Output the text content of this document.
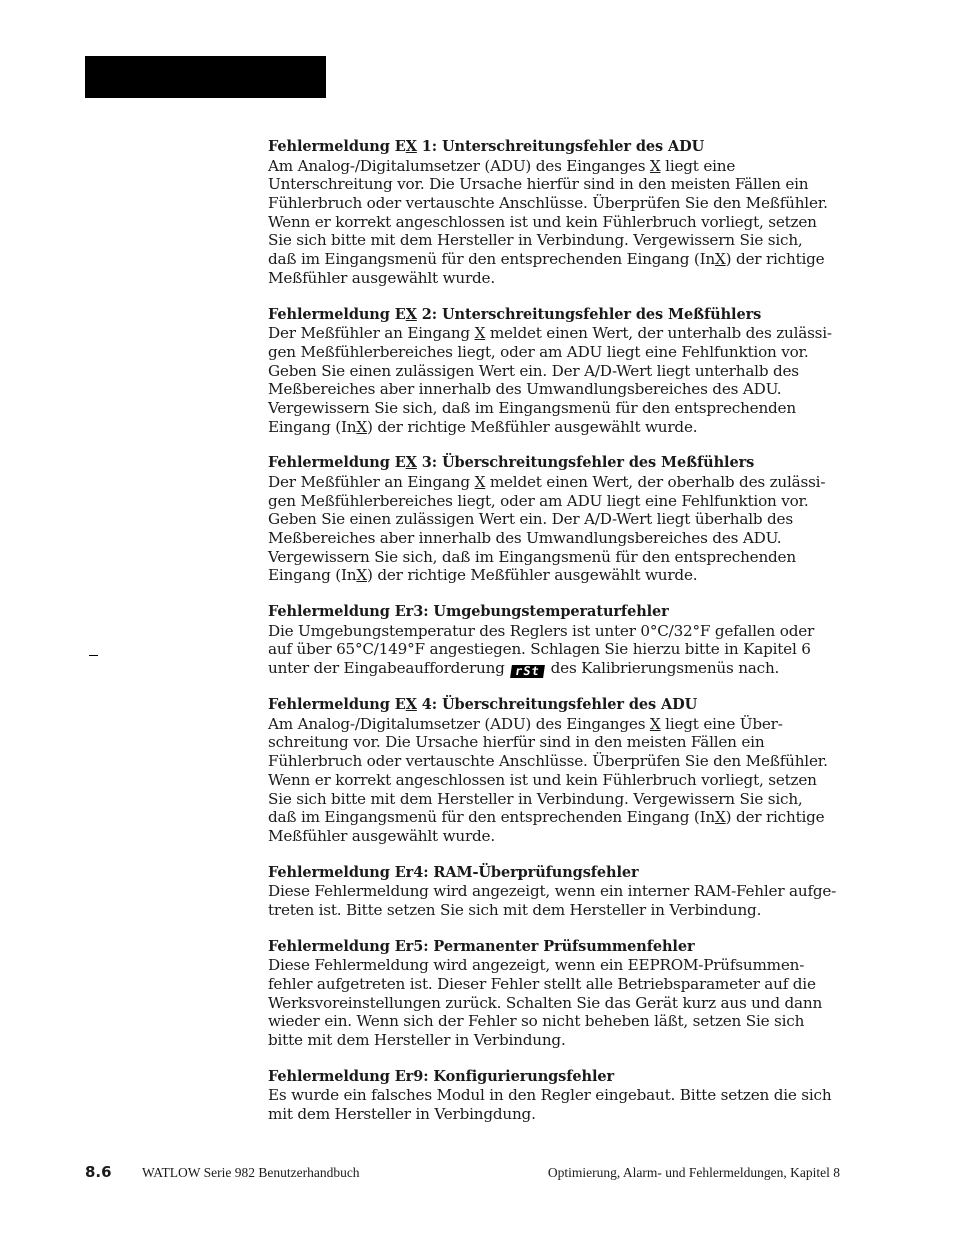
Fehlermeldung EX 1: Unterschreitungsfehler des ADU

Am Analog-/Digitalumsetzer (ADU) des Einganges X liegt eine
Unterschreitung vor. Die Ursache hierfür sind in den meisten Fällen ein
Fühlerbruch oder vertauschte Anschlüsse. Überprüfen Sie den Meßfühler.
Wenn er korrekt angeschlossen ist und kein Fühlerbruch vorliegt, setzen
Sie sich bitte mit dem Hersteller in Verbindung. Vergewissern Sie sich,
daß im Eingangsmenü für den entsprechenden Eingang (InX) der richtige
Meßfühler ausgewählt wurde.

Fehlermeldung EX 2: Unterschreitungsfehler des Meßfühlers

Der Meßfühler an Eingang X meldet einen Wert, der unterhalb des zulässi-
gen Meßfühlerbereiches liegt, oder am ADU liegt eine Fehlfunktion vor.
Geben Sie einen zulässigen Wert ein. Der A/D-Wert liegt unterhalb des
Meßbereiches aber innerhalb des Umwandlungsbereiches des ADU.
Vergewissern Sie sich, daß im Eingangsmenü für den entsprechenden
Eingang (InX) der richtige Meßfühler ausgewählt wurde.

Fehlermeldung EX 3: Überschreitungsfehler des Meßfühlers

Der Meßfühler an Eingang X meldet einen Wert, der oberhalb des zulässi-
gen Meßfühlerbereiches liegt, oder am ADU liegt eine Fehlfunktion vor.
Geben Sie einen zulässigen Wert ein. Der A/D-Wert liegt überhalb des
Meßbereiches aber innerhalb des Umwandlungsbereiches des ADU.
Vergewissern Sie sich, daß im Eingangsmenü für den entsprechenden
Eingang (InX) der richtige Meßfühler ausgewählt wurde.

Fehlermeldung Er3: Umgebungstemperaturfehler

Die Umgebungstemperatur des Reglers ist unter 0°C/32°F gefallen oder
auf über 65°C/149°F angestiegen. Schlagen Sie hierzu bitte in Kapitel 6
unter der Eingabeaufforderung rSt des Kalibrierungsmenüs nach.

Fehlermeldung EX 4: Überschreitungsfehler des ADU

Am Analog-/Digitalumsetzer (ADU) des Einganges X liegt eine Über-
schreitung vor. Die Ursache hierfür sind in den meisten Fällen ein
Fühlerbruch oder vertauschte Anschlüsse. Überprüfen Sie den Meßfühler.
Wenn er korrekt angeschlossen ist und kein Fühlerbruch vorliegt, setzen
Sie sich bitte mit dem Hersteller in Verbindung. Vergewissern Sie sich,
daß im Eingangsmenü für den entsprechenden Eingang (InX) der richtige
Meßfühler ausgewählt wurde.

Fehlermeldung Er4: RAM-Überprüfungsfehler

Diese Fehlermeldung wird angezeigt, wenn ein interner RAM-Fehler aufge-
treten ist. Bitte setzen Sie sich mit dem Hersteller in Verbindung.

Fehlermeldung Er5: Permanenter Prüfsummenfehler

Diese Fehlermeldung wird angezeigt, wenn ein EEPROM-Prüfsummen-
fehler aufgetreten ist. Dieser Fehler stellt alle Betriebsparameter auf die
Werksvoreinstellungen zurück. Schalten Sie das Gerät kurz aus und dann
wieder ein. Wenn sich der Fehler so nicht beheben läßt, setzen Sie sich
bitte mit dem Hersteller in Verbindung.

Fehlermeldung Er9: Konfigurierungsfehler

Es wurde ein falsches Modul in den Regler eingebaut. Bitte setzen die sich
mit dem Hersteller in Verbingdung.

8.6 WATLOW Serie 982 Benutzerhandbuch	Optimierung, Alarm- und Fehlermeldungen, Kapitel 8
